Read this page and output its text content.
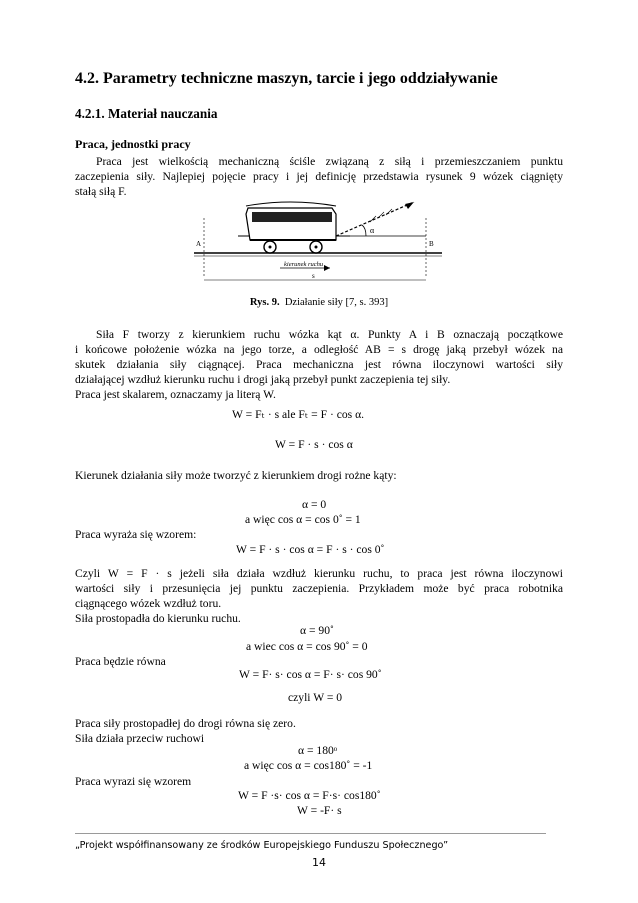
4.2. Parametry techniczne maszyn, tarcie i jego oddziaływanie
4.2.1. Materiał nauczania
Praca, jednostki pracy
Praca jest wielkością mechaniczną ściśle związaną z siłą i przemieszczaniem punktu
zaczepienia siły. Najlepiej pojęcie pracy i jej definicję przedstawia rysunek 9 wózek ciągnięty
stałą siłą F.
α
A	B
kierunek ruchu
s
Rys. 9. Działanie siły [7, s. 393]
Siła F tworzy z kierunkiem ruchu wózka kąt α. Punkty A i B oznaczają początkowe
i końcowe położenie wózka na jego torze, a odległość AB = s drogę jaką przebył wózek na
skutek działania siły ciągnącej. Praca mechaniczna jest równa iloczynowi wartości siły
działającej wzdłuż kierunku ruchu i drogi jaką przebył punkt zaczepienia tej siły.
Praca jest skalarem, oznaczamy ja literą W.
W = Fₜ · s ale Fₜ = F · cos α.
W = F · s · cos α
Kierunek działania siły może tworzyć z kierunkiem drogi rożne kąty:
α = 0
a więc cos α = cos 0˚ = 1
Praca wyraża się wzorem:
W = F · s · cos α = F · s · cos 0˚
Czyli W = F · s jeżeli siła działa wzdłuż kierunku ruchu, to praca jest równa iloczynowi
wartości siły i przesunięcia jej punktu zaczepienia. Przykładem może być praca robotnika
ciągnącego wózek wzdłuż toru.
Siła prostopadła do kierunku ruchu.
α = 90˚
a wiec cos α = cos 90˚ = 0
Praca będzie równa
W = F· s· cos α = F· s· cos 90˚
czyli W = 0
Praca siły prostopadłej do drogi równa się zero.
Siła działa przeciw ruchowi
α = 180ᵒ
a więc cos α = cos180˚ = -1
Praca wyrazi się wzorem
W = F ·s· cos α = F·s· cos180˚
W = -F· s
„Projekt współfinansowany ze środków Europejskiego Funduszu Społecznego”
14
